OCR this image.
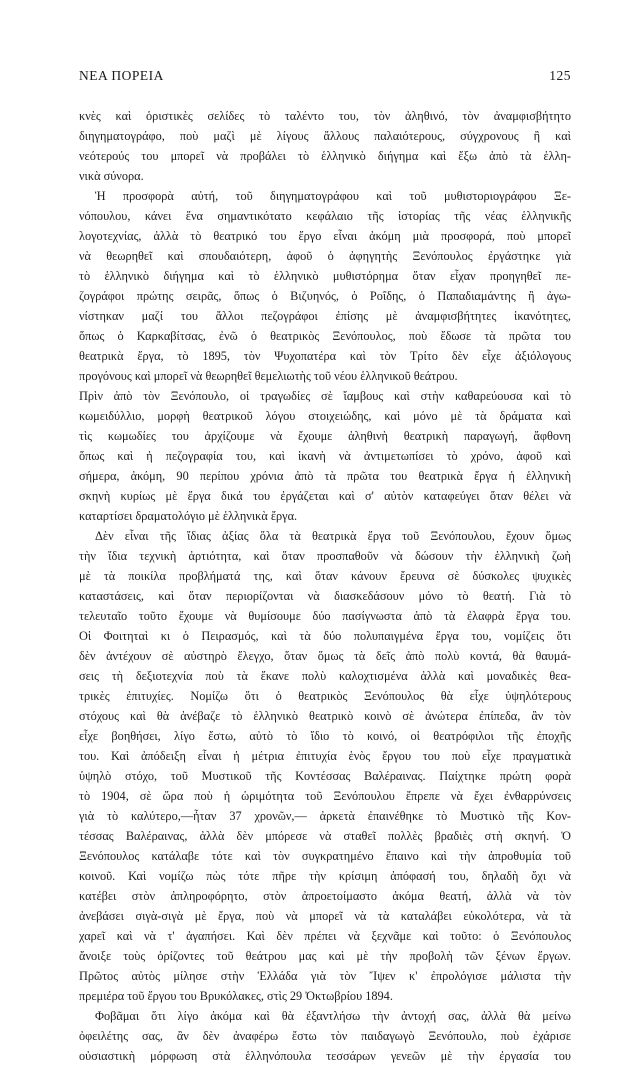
ΝΕΑ ΠΟΡΕΙΑ	125
κνὲς καὶ ὁριστικὲς σελίδες τὸ ταλέντο του, τὸν ἀληθινό, τὸν ἀναμφισβήτητο
διηγηματογράφο, ποὺ μαζὶ μὲ λίγους ἄλλους παλαιότερους, σύγχρονους ἢ καὶ
νεότερούς του μπορεῖ νὰ προβάλει τὸ ἑλληνικὸ διήγημα καὶ ἔξω ἀπὸ τὰ ἑλλη-
νικὰ σύνορα.
Ἡ προσφορὰ αὐτή, τοῦ διηγηματογράφου καὶ τοῦ μυθιστοριογράφου Ξε-
νόπουλου, κάνει ἕνα σημαντικότατο κεφάλαιο τῆς ἱστορίας τῆς νέας ἑλληνικῆς
λογοτεχνίας, ἀλλὰ τὸ θεατρικό του ἔργο εἶναι ἀκόμη μιὰ προσφορά, ποὺ μπορεῖ
νὰ θεωρηθεῖ καὶ σπουδαιότερη, ἀφοῦ ὁ ἀφηγητὴς Ξενόπουλος ἐργάστηκε γιὰ
τὸ ἑλληνικὸ διήγημα καὶ τὸ ἑλληνικὸ μυθιστόρημα ὅταν εἶχαν προηγηθεῖ πε-
ζογράφοι πρώτης σειρᾶς, ὅπως ὁ Βιζυηνός, ὁ Ροΐδης, ὁ Παπαδιαμάντης ἢ ἀγω-
νίστηκαν μαζί του ἄλλοι πεζογράφοι ἐπίσης μὲ ἀναμφισβήτητες ἱκανότητες,
ὅπως ὁ Καρκαβίτσας, ἐνῶ ὁ θεατρικὸς Ξενόπουλος, ποὺ ἔδωσε τὰ πρῶτα του
θεατρικὰ ἔργα, τὸ 1895, τὸν Ψυχοπατέρα καὶ τὸν Τρίτο δὲν εἶχε ἀξιόλογους
προγόνους καὶ μπορεῖ νὰ θεωρηθεῖ θεμελιωτὴς τοῦ νέου ἑλληνικοῦ θεάτρου.
Πρὶν ἀπὸ τὸν Ξενόπουλο, οἱ τραγωδίες σὲ ἴαμβους καὶ στὴν καθαρεύουσα καὶ τὸ
κωμειδύλλιο, μορφὴ θεατρικοῦ λόγου στοιχειώδης, καὶ μόνο μὲ τὰ δράματα καὶ
τὶς κωμωδίες του ἀρχίζουμε νὰ ἔχουμε ἀληθινὴ θεατρικὴ παραγωγή, ἄφθονη
ὅπως καὶ ἡ πεζογραφία του, καὶ ἱκανὴ νὰ ἀντιμετωπίσει τὸ χρόνο, ἀφοῦ καὶ
σήμερα, ἀκόμη, 90 περίπου χρόνια ἀπὸ τὰ πρῶτα του θεατρικὰ ἔργα ἡ ἑλληνικὴ
σκηνὴ κυρίως μὲ ἔργα δικά του ἐργάζεται καὶ σ' αὐτὸν καταφεύγει ὅταν θέλει νὰ
καταρτίσει δραματολόγιο μὲ ἑλληνικὰ ἔργα.
Δὲν εἶναι τῆς ἴδιας ἀξίας ὅλα τὰ θεατρικὰ ἔργα τοῦ Ξενόπουλου, ἔχουν ὅμως
τὴν ἴδια τεχνικὴ ἀρτιότητα, καὶ ὅταν προσπαθοῦν νὰ δώσουν τὴν ἑλληνικὴ ζωὴ
μὲ τὰ ποικίλα προβλήματά της, καὶ ὅταν κάνουν ἔρευνα σὲ δύσκολες ψυχικὲς
καταστάσεις, καὶ ὅταν περιορίζονται νὰ διασκεδάσουν μόνο τὸ θεατή. Γιὰ τὸ
τελευταῖο τοῦτο ἔχουμε νὰ θυμίσουμε δύο πασίγνωστα ἀπὸ τὰ ἐλαφρὰ ἔργα του.
Οἱ Φοιτηταὶ κι ὁ Πειρασμός, καὶ τὰ δύο πολυπαιγμένα ἔργα του, νομίζεις ὅτι
δὲν ἀντέχουν σὲ αὐστηρὸ ἔλεγχο, ὅταν ὅμως τὰ δεῖς ἀπὸ πολὺ κοντά, θὰ θαυμά-
σεις τὴ δεξιοτεχνία ποὺ τὰ ἔκανε πολὺ καλοχτισμένα ἀλλὰ καὶ μοναδικὲς θεα-
τρικὲς ἐπιτυχίες. Νομίζω ὅτι ὁ θεατρικὸς Ξενόπουλος θὰ εἶχε ὑψηλότερους
στόχους καὶ θὰ ἀνέβαζε τὸ ἑλληνικὸ θεατρικὸ κοινὸ σὲ ἀνώτερα ἐπίπεδα, ἂν τὸν
εἶχε βοηθήσει, λίγο ἔστω, αὐτὸ τὸ ἴδιο τὸ κοινό, οἱ θεατρόφιλοι τῆς ἐποχῆς
του. Καὶ ἀπόδειξη εἶναι ἡ μέτρια ἐπιτυχία ἑνὸς ἔργου του ποὺ εἶχε πραγματικὰ
ὑψηλὸ στόχο, τοῦ Μυστικοῦ τῆς Κοντέσσας Βαλέραινας. Παίχτηκε πρώτη φορὰ
τὸ 1904, σὲ ὥρα ποὺ ἡ ὡριμότητα τοῦ Ξενόπουλου ἔπρεπε νὰ ἔχει ἐνθαρρύνσεις
γιὰ τὸ καλύτερο,—ἦταν 37 χρονῶν,— ἀρκετὰ ἐπαινέθηκε τὸ Μυστικὸ τῆς Κον-
τέσσας Βαλέραινας, ἀλλὰ δὲν μπόρεσε νὰ σταθεῖ πολλὲς βραδιὲς στὴ σκηνή. Ὁ
Ξενόπουλος κατάλαβε τότε καὶ τὸν συγκρατημένο ἔπαινο καὶ τὴν ἀπροθυμία τοῦ
κοινοῦ. Καὶ νομίζω πὼς τότε πῆρε τὴν κρίσιμη ἀπόφασή του, δηλαδὴ ὄχι νὰ
κατέβει στὸν ἀπληροφόρητο, στὸν ἀπροετοίμαστο ἀκόμα θεατή, ἀλλὰ νὰ τὸν
ἀνεβάσει σιγὰ-σιγὰ μὲ ἔργα, ποὺ νὰ μπορεῖ νὰ τὰ καταλάβει εὐκολότερα, νὰ τὰ
χαρεῖ καὶ νὰ τ' ἀγαπήσει. Καὶ δὲν πρέπει νὰ ξεχνᾶμε καὶ τοῦτο: ὁ Ξενόπουλος
ἄνοιξε τοὺς ὁρίζοντες τοῦ θεάτρου μας καὶ μὲ τὴν προβολὴ τῶν ξένων ἔργων.
Πρῶτος αὐτὸς μίλησε στὴν Ἑλλάδα γιὰ τὸν Ἴψεν κ' ἐπρολόγισε μάλιστα τὴν
πρεμιέρα τοῦ ἔργου του Βρυκόλακες, στὶς 29 Ὀκτωβρίου 1894.
Φοβᾶμαι ὅτι λίγο ἀκόμα καὶ θὰ ἐξαντλήσω τὴν ἀντοχή σας, ἀλλὰ θὰ μείνω
ὀφειλέτης σας, ἂν δὲν ἀναφέρω ἔστω τὸν παιδαγωγὸ Ξενόπουλο, ποὺ ἐχάρισε
οὐσιαστικὴ μόρφωση στὰ ἑλληνόπουλα τεσσάρων γενεῶν μὲ τὴν ἐργασία του
